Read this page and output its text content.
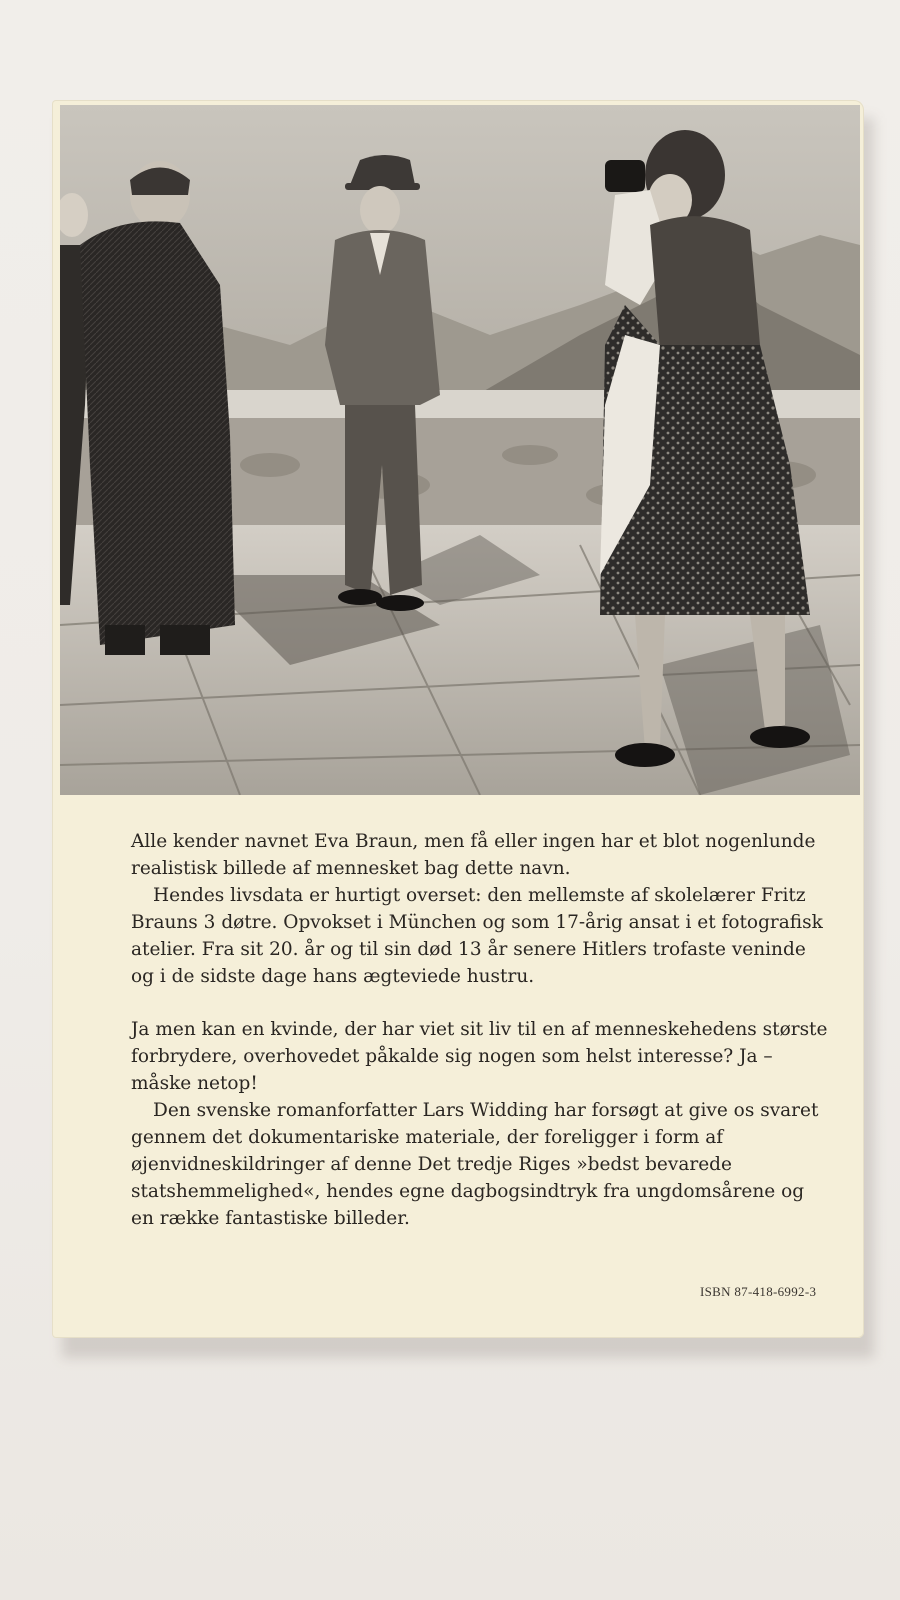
Alle kender navnet Eva Braun, men få eller ingen har et blot nogenlunde realistisk billede af mennesket bag dette navn.

Hendes livsdata er hurtigt overset: den mellemste af skolelærer Fritz Brauns 3 døtre. Opvokset i München og som 17-årig ansat i et fotografisk atelier. Fra sit 20. år og til sin død 13 år senere Hitlers trofaste veninde og i de sidste dage hans ægteviede hustru.

Ja men kan en kvinde, der har viet sit liv til en af menneskehedens største forbrydere, overhovedet påkalde sig nogen som helst interesse? Ja – måske netop!

Den svenske romanforfatter Lars Widding har forsøgt at give os svaret gennem det dokumentariske materiale, der foreligger i form af øjenvidneskildringer af denne Det tredje Riges »bedst bevarede statshemmelighed«, hendes egne dagbogsindtryk fra ungdomsårene og en række fantastiske billeder.

ISBN 87-418-6992-3
